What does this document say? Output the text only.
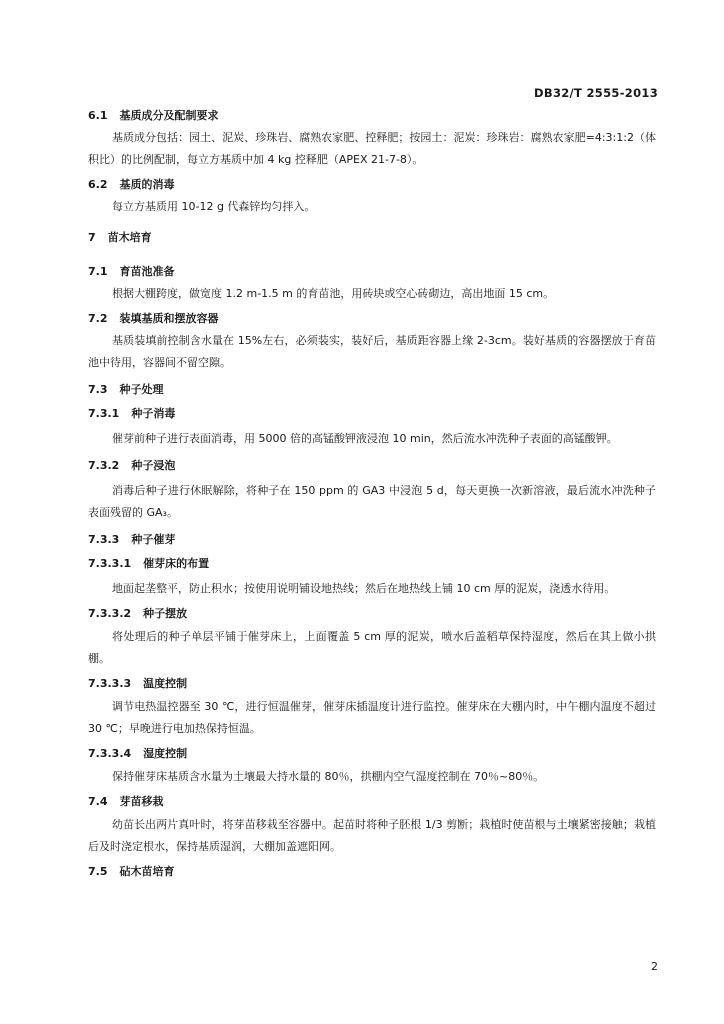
DB32/T 2555-2013
6.1 基质成分及配制要求
基质成分包括：园土、泥炭、珍珠岩、腐熟农家肥、控释肥；按园土：泥炭：珍珠岩：腐熟农家肥=4:3:1:2（体积比）的比例配制，每立方基质中加 4 kg 控释肥（APEX 21-7-8）。
6.2 基质的消毒
每立方基质用 10-12 g 代森锌均匀拌入。
7 苗木培育
7.1 育苗池准备
根据大棚跨度，做宽度 1.2 m-1.5 m 的育苗池，用砖块或空心砖砌边，高出地面 15 cm。
7.2 装填基质和摆放容器
基质装填前控制含水量在 15%左右，必须装实，装好后，基质距容器上缘 2-3cm。装好基质的容器摆放于育苗池中待用，容器间不留空隙。
7.3 种子处理
7.3.1 种子消毒
催芽前种子进行表面消毒，用 5000 倍的高锰酸钾液浸泡 10 min，然后流水冲洗种子表面的高锰酸钾。
7.3.2 种子浸泡
消毒后种子进行休眠解除，将种子在 150 ppm 的 GA3 中浸泡 5 d，每天更换一次新溶液，最后流水冲洗种子表面残留的 GA₃。
7.3.3 种子催芽
7.3.3.1 催芽床的布置
地面起垄整平，防止积水；按使用说明铺设地热线；然后在地热线上铺 10 cm 厚的泥炭，浇透水待用。
7.3.3.2 种子摆放
将处理后的种子单层平铺于催芽床上，上面覆盖 5 cm 厚的泥炭，喷水后盖稻草保持湿度，然后在其上做小拱棚。
7.3.3.3 温度控制
调节电热温控器至 30 ℃，进行恒温催芽，催芽床插温度计进行监控。催芽床在大棚内时，中午棚内温度不超过 30 ℃；早晚进行电加热保持恒温。
7.3.3.4 湿度控制
保持催芽床基质含水量为土壤最大持水量的 80％，拱棚内空气湿度控制在 70％~80％。
7.4 芽苗移栽
幼苗长出两片真叶时，将芽苗移栽至容器中。起苗时将种子胚根 1/3 剪断；栽植时使苗根与土壤紧密接触；栽植后及时浇定根水，保持基质湿润，大棚加盖遮阳网。
7.5 砧木苗培育
2
